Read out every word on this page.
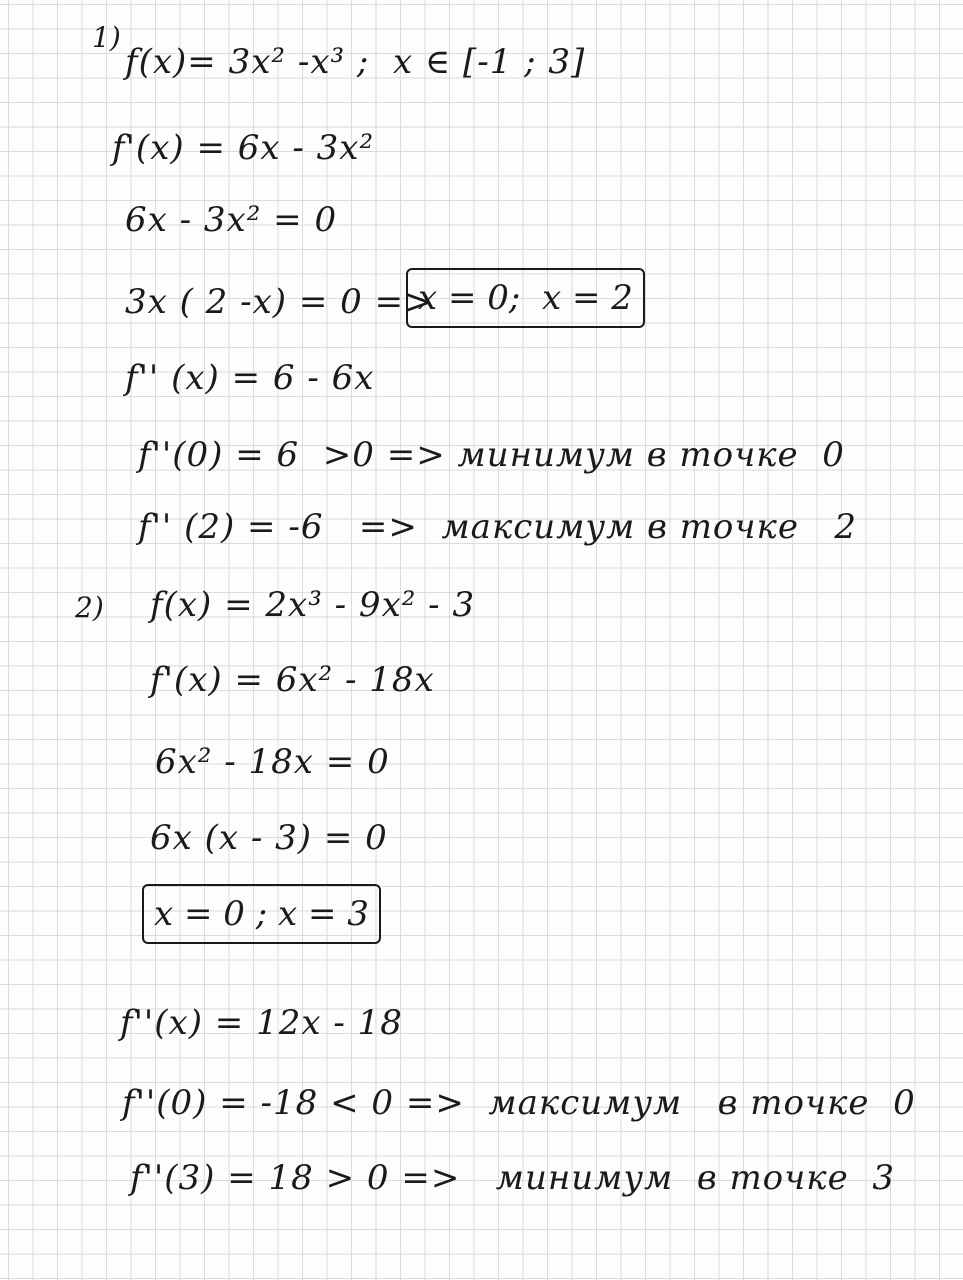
1)
f(x)= 3x² -x³ ;  x ∈ [-1 ; 3]
f'(x) = 6x - 3x²
6x - 3x² = 0
3x ( 2 -x) = 0 =>
x = 0;  x = 2
f'' (x) = 6 - 6x
f''(0) = 6  >0 => минимум в точке  0
f'' (2) = -6   =>  максимум в точке   2
2) f(x) = 2x³ - 9x² - 3
f'(x) = 6x² - 18x
6x² - 18x = 0
6x (x - 3) = 0
x = 0 ; x = 3
f''(x) = 12x - 18
f''(0) = -18 < 0 =>  максимум   в точке  0
f''(3) = 18 > 0 =>   минимум  в точке  3
